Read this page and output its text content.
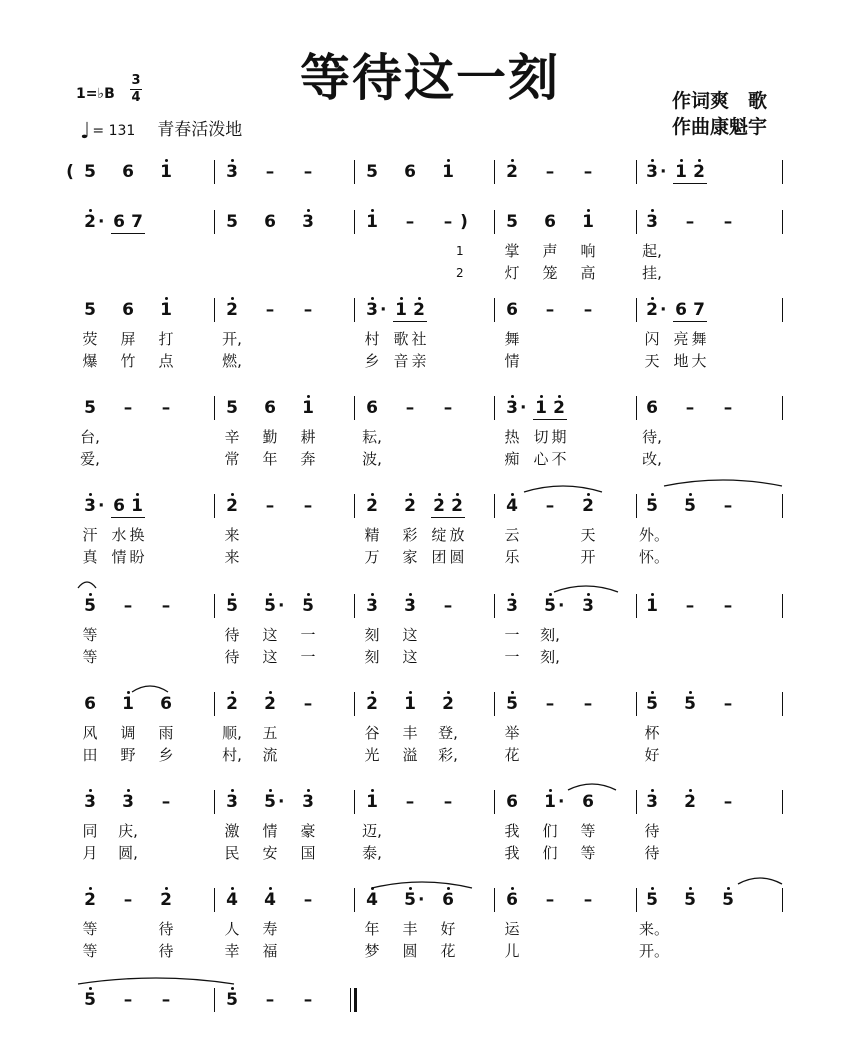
等待这一刻
1=♭B
3
4
♩ = 131 青春活泼地
作词爽　歌
作曲康魁宇
( 5 6 1	3	–	–	5 6 1	2	–	–	3 · 1 2
2 · 6 7	5 6 3	1	–	– )	5 6 1	3	–	–
1
2
掌	声	响	起,
灯	笼	高	挂,
5 6 1	2	–	–	3 · 1 2	6	–	–	2 · 6 7
荧	屏	打	开,	村 歌 社	舞	闪 亮 舞
爆	竹	点	燃,	乡 音 亲	情	天 地 大
5	–	–	5 6 1	6	–	–	3 · 1 2	6	–	–
台,	辛	勤	耕	耘,	热 切 期	待,
爱,	常	年	奔	波,	痴 心 不	改,
3 · 6 1	2	–	–	2 2 2 2	4	–	2	5 5	–
汗 水 换	来	精	彩 绽 放	云	天	外。
真 情 盼	来	万	家 团 圆	乐	开	怀。
5	–	–	5 5 · 5	3 3	–	3 5 · 3	1	–	–
等	待	这	一	刻	这	一	刻,
等	待	这	一	刻	这	一	刻,
6 1 6	2 2	–	2 1 2	5	–	–	5 5	–
风	调	雨	顺,	五	谷	丰	登,	举	杯
田	野	乡	村,	流	光	溢	彩,	花	好
3 3	–	3 5 · 3	1	–	–	6 1 · 6	3 2	–
同	庆,	激	情	豪	迈,	我	们	等	待
月	圆,	民	安	国	泰,	我	们	等	待
2	–	2	4 4	–	4 5 · 6	6	–	–	5 5 5
等	待	人	寿	年	丰	好	运	来。
等	待	幸	福	梦	圆	花	儿	开。
5	–	–	5	–	–
